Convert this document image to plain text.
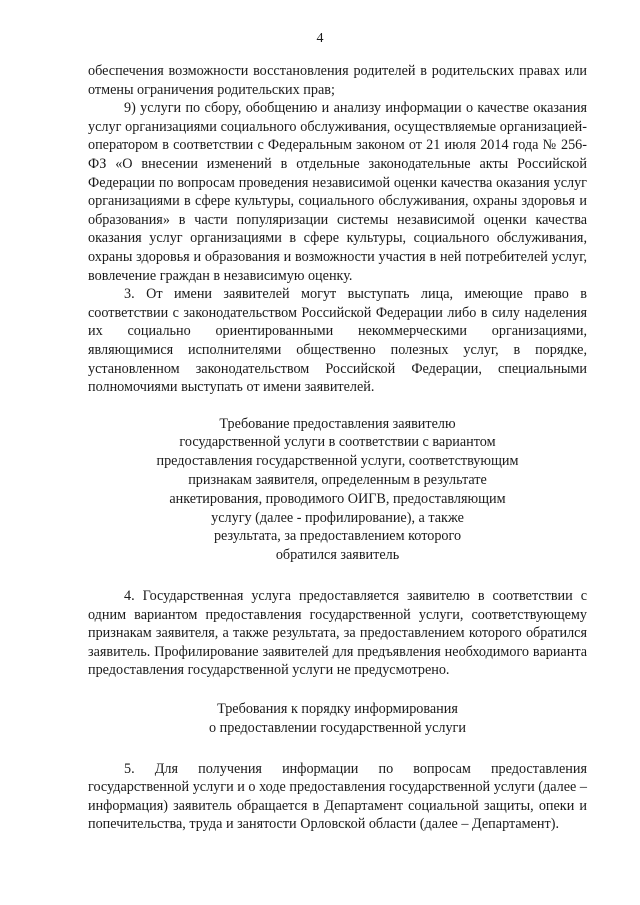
4

обеспечения возможности восстановления родителей в родительских правах или отмены ограничения родительских прав;

9) услуги по сбору, обобщению и анализу информации о качестве оказания услуг организациями социального обслуживания, осуществляемые организацией-оператором в соответствии с Федеральным законом от 21 июля 2014 года № 256-ФЗ «О внесении изменений в отдельные законодательные акты Российской Федерации по вопросам проведения независимой оценки качества оказания услуг организациями в сфере культуры, социального обслуживания, охраны здоровья и образования» в части популяризации системы независимой оценки качества оказания услуг организациями в сфере культуры, социального обслуживания, охраны здоровья и образования и возможности участия в ней потребителей услуг, вовлечение граждан в независимую оценку.

3. От имени заявителей могут выступать лица, имеющие право в соответствии с законодательством Российской Федерации либо в силу наделения их социально ориентированными некоммерческими организациями, являющимися исполнителями общественно полезных услуг, в порядке, установленном законодательством Российской Федерации, специальными полномочиями выступать от имени заявителей.

Требование предоставления заявителю
государственной услуги в соответствии с вариантом
предоставления государственной услуги, соответствующим
признакам заявителя, определенным в результате
анкетирования, проводимого ОИГВ, предоставляющим
услугу (далее - профилирование), а также
результата, за предоставлением которого
обратился заявитель

4. Государственная услуга предоставляется заявителю в соответствии с одним вариантом предоставления государственной услуги, соответствующему признакам заявителя, а также результата, за предоставлением которого обратился заявитель. Профилирование заявителей для предъявления необходимого варианта предоставления государственной услуги не предусмотрено.

Требования к порядку информирования
о предоставлении государственной услуги

5. Для получения информации по вопросам предоставления государственной услуги и о ходе предоставления государственной услуги (далее – информация) заявитель обращается в Департамент социальной защиты, опеки и попечительства, труда и занятости Орловской области (далее – Департамент).
